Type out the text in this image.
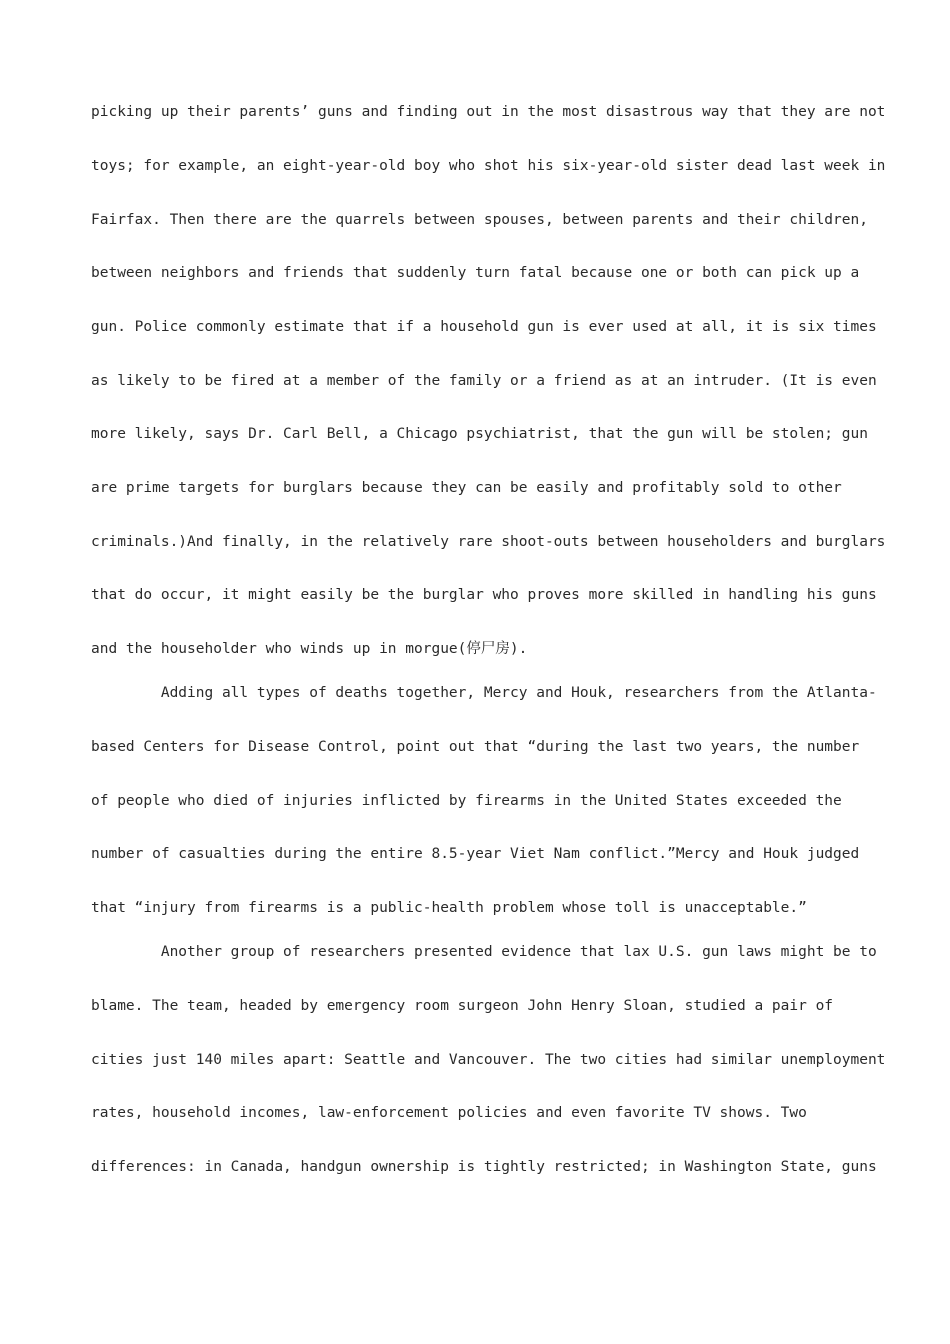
picking up their parents’ guns and finding out in the most disastrous way that they are not

toys; for example, an eight-year-old boy who shot his six-year-old sister dead last week in

Fairfax. Then there are the quarrels between spouses, between parents and their children,

between neighbors and friends that suddenly turn fatal because one or both can pick up a

gun. Police commonly estimate that if a household gun is ever used at all, it is six times

as likely to be fired at a member of the family or a friend as at an intruder. (It is even

more likely, says Dr. Carl Bell, a Chicago psychiatrist, that the gun will be stolen; gun

are prime targets for burglars because they can be easily and profitably sold to other

criminals.)And finally, in the relatively rare shoot-outs between householders and burglars

that do occur, it might easily be the burglar who proves more skilled in handling his guns

and the householder who winds up in morgue(停尸房).

Adding all types of deaths together, Mercy and Houk, researchers from the Atlanta-

based Centers for Disease Control, point out that “during the last two years, the number

of people who died of injuries inflicted by firearms in the United States exceeded the

number of casualties during the entire 8.5-year Viet Nam conflict.”Mercy and Houk judged

that “injury from firearms is a public-health problem whose toll is unacceptable.”

Another group of researchers presented evidence that lax U.S. gun laws might be to

blame. The team, headed by emergency room surgeon John Henry Sloan, studied a pair of

cities just 140 miles apart: Seattle and Vancouver. The two cities had similar unemployment

rates, household incomes, law-enforcement policies and even favorite TV shows. Two

differences: in Canada, handgun ownership is tightly restricted; in Washington State, guns
